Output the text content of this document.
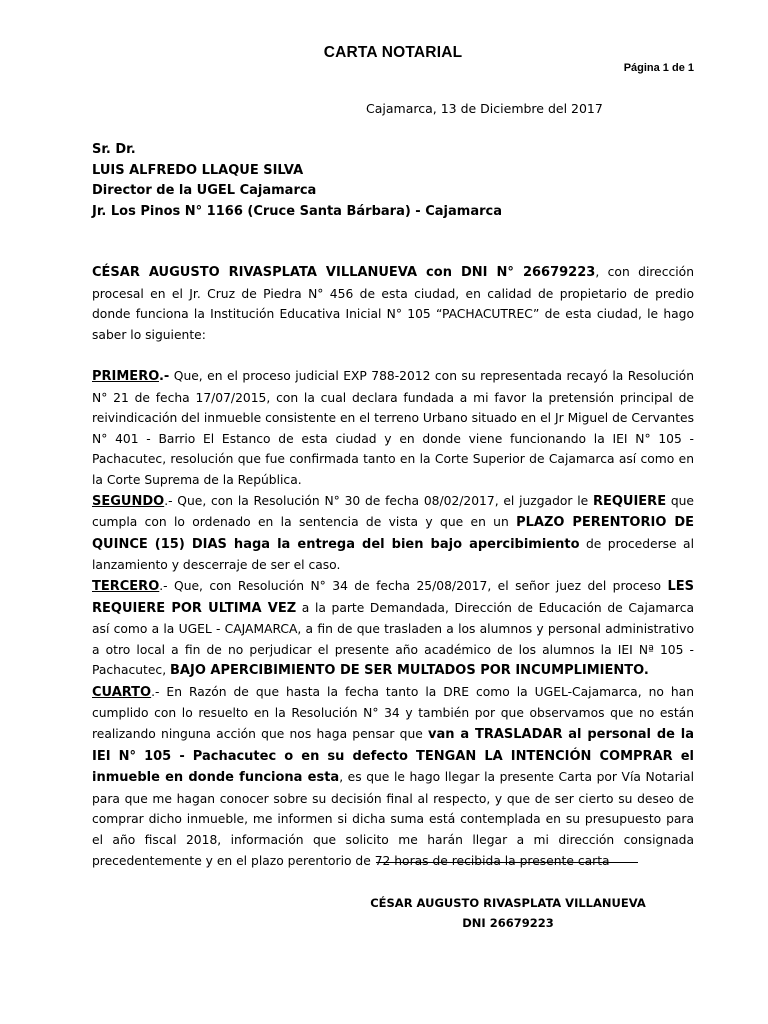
CARTA NOTARIAL
Página 1 de 1
Cajamarca, 13 de Diciembre del 2017
Sr. Dr.
LUIS ALFREDO LLAQUE SILVA
Director de la UGEL Cajamarca
Jr. Los Pinos N° 1166 (Cruce Santa Bárbara) - Cajamarca

CÉSAR AUGUSTO RIVASPLATA VILLANUEVA con DNI N° 26679223, con dirección procesal en el Jr. Cruz de Piedra N° 456 de esta ciudad, en calidad de propietario de predio donde funciona la Institución Educativa Inicial N° 105 “PACHACUTREC” de esta ciudad, le hago saber lo siguiente:

PRIMERO.- Que, en el proceso judicial EXP 788-2012 con su representada recayó la Resolución N° 21 de fecha 17/07/2015, con la cual declara fundada a mi favor la pretensión principal de reivindicación del inmueble consistente en el terreno Urbano situado en el Jr Miguel de Cervantes N° 401 - Barrio El Estanco de esta ciudad y en donde viene funcionando la IEI N° 105 - Pachacutec, resolución que fue confirmada tanto en la Corte Superior de Cajamarca así como en la Corte Suprema de la República.

SEGUNDO.- Que, con la Resolución N° 30 de fecha 08/02/2017, el juzgador le REQUIERE que cumpla con lo ordenado en la sentencia de vista y que en un PLAZO PERENTORIO DE QUINCE (15) DIAS haga la entrega del bien bajo apercibimiento de procederse al lanzamiento y descerraje de ser el caso.

TERCERO.- Que, con Resolución N° 34 de fecha 25/08/2017, el señor juez del proceso LES REQUIERE POR ULTIMA VEZ a la parte Demandada, Dirección de Educación de Cajamarca así como a la UGEL - CAJAMARCA, a fin de que trasladen a los alumnos y personal administrativo a otro local a fin de no perjudicar el presente año académico de los alumnos la IEI Nª 105 - Pachacutec, BAJO APERCIBIMIENTO DE SER MULTADOS POR INCUMPLIMIENTO.

CUARTO.- En Razón de que hasta la fecha tanto la DRE como la UGEL-Cajamarca, no han cumplido con lo resuelto en la Resolución N° 34 y también por que observamos que no están realizando ninguna acción que nos haga pensar que van a TRASLADAR al personal de la IEI N° 105 - Pachacutec o en su defecto TENGAN LA INTENCIÓN COMPRAR el inmueble en donde funciona esta, es que le hago llegar la presente Carta por Vía Notarial para que me hagan conocer sobre su decisión final al respecto, y que de ser cierto su deseo de comprar dicho inmueble, me informen si dicha suma está contemplada en su presupuesto para el año fiscal 2018, información que solicito me harán llegar a mi dirección consignada precedentemente y en el plazo perentorio de 72 horas de recibida la presente carta

CÉSAR AUGUSTO RIVASPLATA VILLANUEVA
DNI 26679223
